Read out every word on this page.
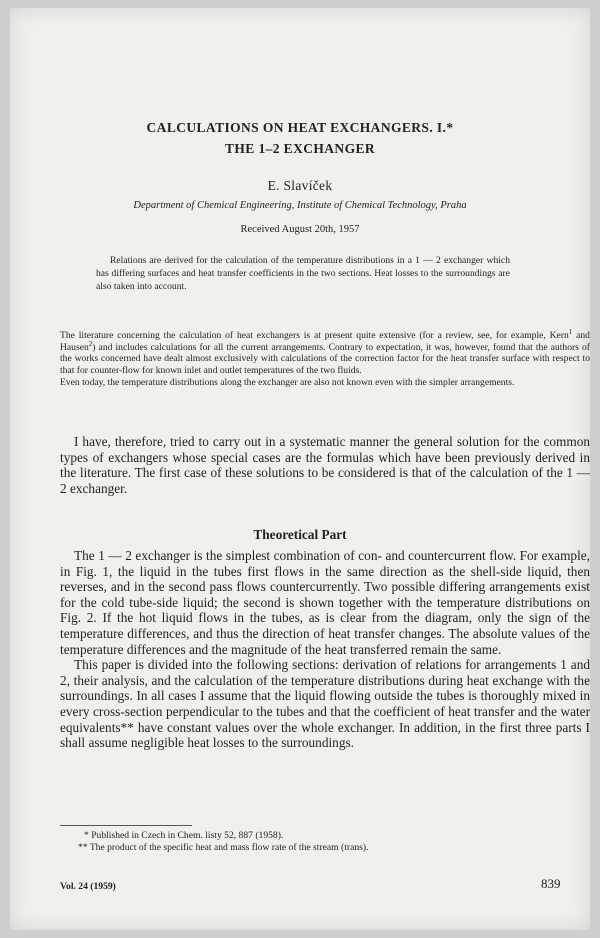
CALCULATIONS ON HEAT EXCHANGERS. I.*
THE 1–2 EXCHANGER
E. Slavíček
Department of Chemical Engineering, Institute of Chemical Technology, Praha
Received August 20th, 1957

Relations are derived for the calculation of the temperature distributions in a 1 — 2 exchanger which has differing surfaces and heat transfer coefficients in the two sections. Heat losses to the surroundings are also taken into account.

The literature concerning the calculation of heat exchangers is at present quite extensive (for a review, see, for example, Kern$^1$ and Hausen$^2$) and includes calculations for all the current arrangements. Contrary to expectation, it was, however, found that the authors of the works concerned have dealt almost exclusively with calculations of the correction factor for the heat transfer surface with respect to that for counter-flow for known inlet and outlet temperatures of the two fluids.

Even today, the temperature distributions along the exchanger are also not known even with the simpler arrangements.

I have, therefore, tried to carry out in a systematic manner the general solution for the common types of exchangers whose special cases are the formulas which have been previously derived in the literature. The first case of these solutions to be considered is that of the calculation of the 1 — 2 exchanger.

Theoretical Part

The 1 — 2 exchanger is the simplest combination of con- and countercurrent flow. For example, in Fig. 1, the liquid in the tubes first flows in the same direction as the shell-side liquid, then reverses, and in the second pass flows countercurrently. Two possible differing arrangements exist for the cold tube-side liquid; the second is shown together with the temperature distributions on Fig. 2. If the hot liquid flows in the tubes, as is clear from the diagram, only the sign of the temperature differences, and thus the direction of heat transfer changes. The absolute values of the temperature differences and the magnitude of the heat transferred remain the same.

This paper is divided into the following sections: derivation of relations for arrangements 1 and 2, their analysis, and the calculation of the temperature distributions during heat exchange with the surroundings. In all cases I assume that the liquid flowing outside the tubes is thoroughly mixed in every cross-section perpendicular to the tubes and that the coefficient of heat transfer and the water equivalents** have constant values over the whole exchanger. In addition, in the first three parts I shall assume negligible heat losses to the surroundings.

* Published in Czech in Chem. listy 52, 887 (1958).
** The product of the specific heat and mass flow rate of the stream (trans).
Vol. 24 (1959)	839
